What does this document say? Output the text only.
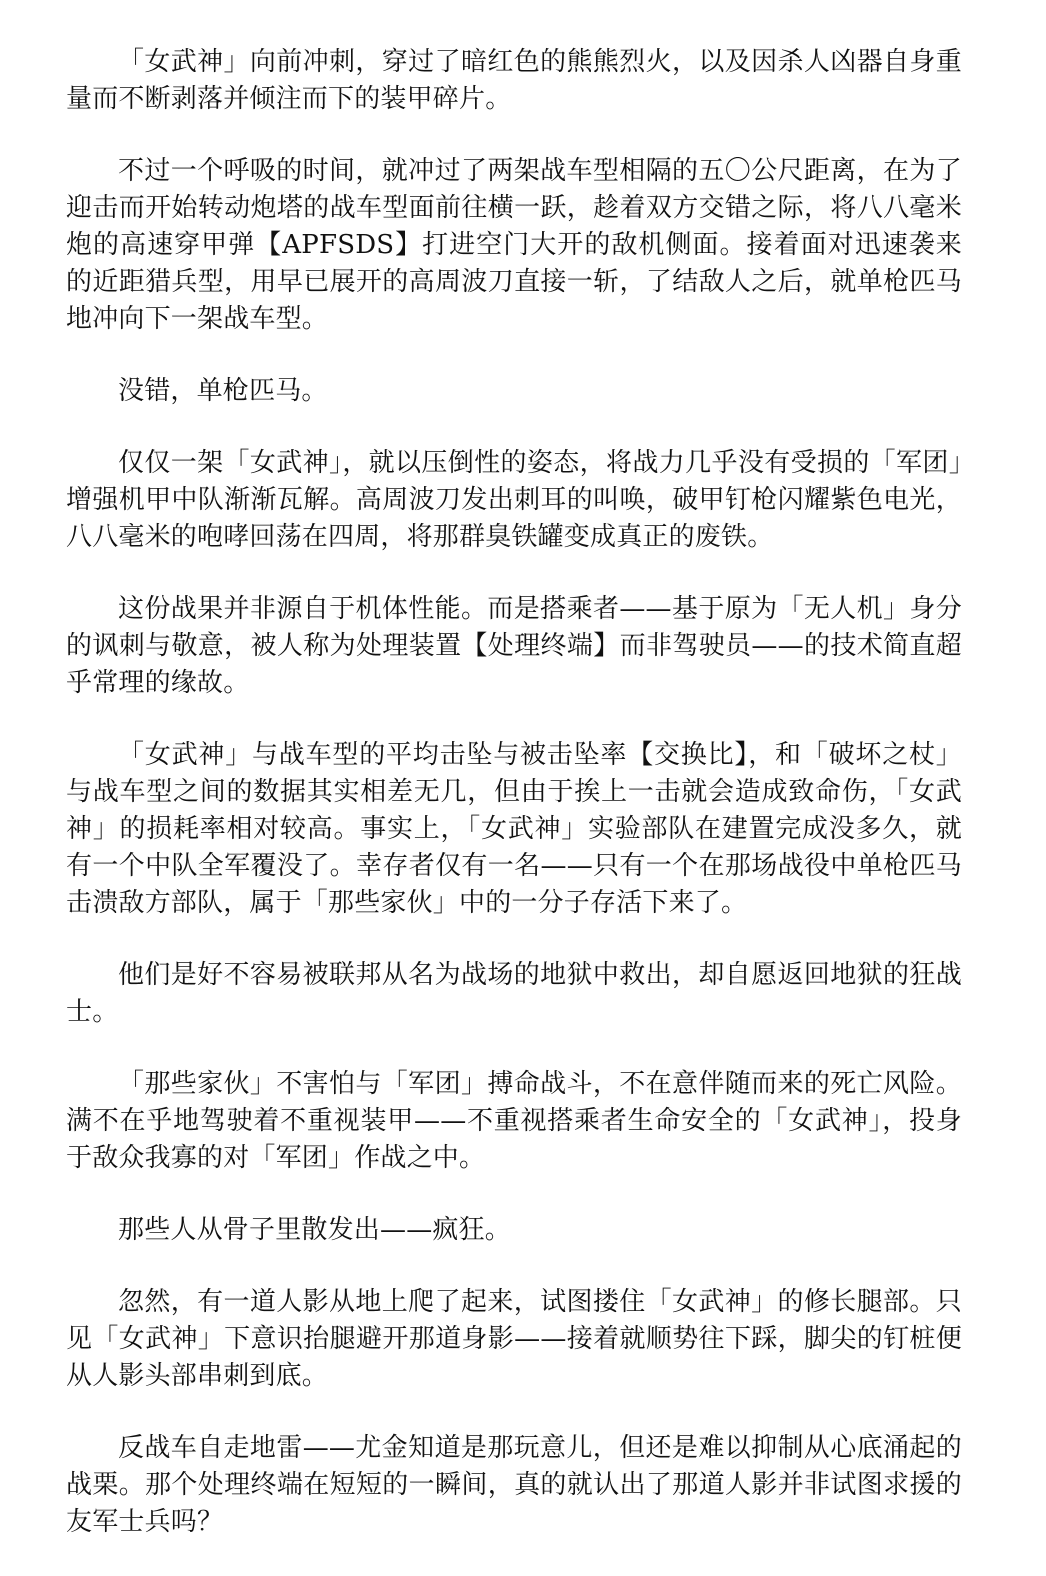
「女武神」向前冲刺，穿过了暗红色的熊熊烈火，以及因杀人凶器自身重量而不断剥落并倾注而下的装甲碎片。

不过一个呼吸的时间，就冲过了两架战车型相隔的五〇公尺距离，在为了迎击而开始转动炮塔的战车型面前往横一跃，趁着双方交错之际，将八八毫米炮的高速穿甲弹【APFSDS】打进空门大开的敌机侧面。接着面对迅速袭来的近距猎兵型，用早已展开的高周波刀直接一斩，了结敌人之后，就单枪匹马地冲向下一架战车型。

没错，单枪匹马。

仅仅一架「女武神」，就以压倒性的姿态，将战力几乎没有受损的「军团」增强机甲中队渐渐瓦解。高周波刀发出刺耳的叫唤，破甲钉枪闪耀紫色电光，八八毫米的咆哮回荡在四周，将那群臭铁罐变成真正的废铁。

这份战果并非源自于机体性能。而是搭乘者——基于原为「无人机」身分的讽刺与敬意，被人称为处理装置【处理终端】而非驾驶员——的技术简直超乎常理的缘故。

「女武神」与战车型的平均击坠与被击坠率【交换比】，和「破坏之杖」与战车型之间的数据其实相差无几，但由于挨上一击就会造成致命伤，「女武神」的损耗率相对较高。事实上，「女武神」实验部队在建置完成没多久，就有一个中队全军覆没了。幸存者仅有一名——只有一个在那场战役中单枪匹马击溃敌方部队，属于「那些家伙」中的一分子存活下来了。

他们是好不容易被联邦从名为战场的地狱中救出，却自愿返回地狱的狂战士。

「那些家伙」不害怕与「军团」搏命战斗，不在意伴随而来的死亡风险。满不在乎地驾驶着不重视装甲——不重视搭乘者生命安全的「女武神」，投身于敌众我寡的对「军团」作战之中。

那些人从骨子里散发出——疯狂。

忽然，有一道人影从地上爬了起来，试图搂住「女武神」的修长腿部。只见「女武神」下意识抬腿避开那道身影——接着就顺势往下踩，脚尖的钉桩便从人影头部串刺到底。

反战车自走地雷——尤金知道是那玩意儿，但还是难以抑制从心底涌起的战栗。那个处理终端在短短的一瞬间，真的就认出了那道人影并非试图求援的友军士兵吗？
